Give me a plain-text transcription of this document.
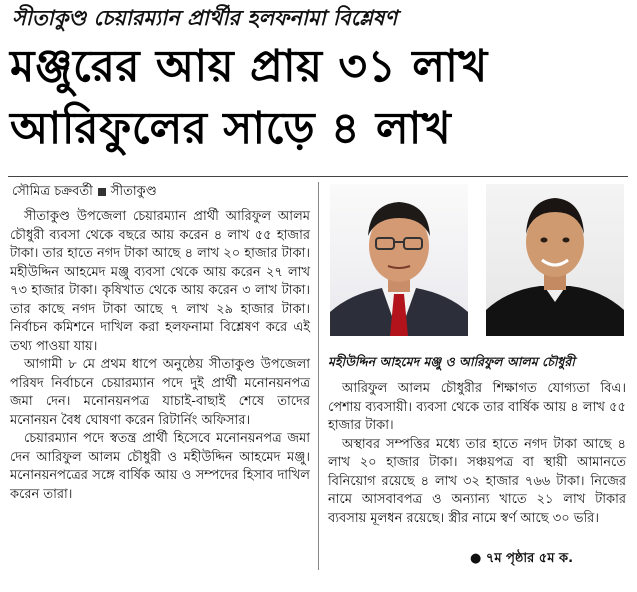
সীতাকুণ্ড চেয়ারম্যান প্রার্থীর হলফনামা বিশ্লেষণ
মঞ্জুরের আয় প্রায় ৩১ লাখ
আরিফুলের সাড়ে ৪ লাখ
সৌমিত্র চক্রবর্তী সীতাকুণ্ড

সীতাকুণ্ড উপজেলা চেয়ারম্যান প্রার্থী আরিফুল আলম চৌধুরী ব্যবসা থেকে বছরে আয় করেন ৪ লাখ ৫৫ হাজার টাকা। তার হাতে নগদ টাকা আছে ৪ লাখ ২০ হাজার টাকা। মহীউদ্দিন আহমেদ মঞ্জু ব্যবসা থেকে আয় করেন ২৭ লাখ ৭৩ হাজার টাকা। কৃষিখাত থেকে আয় করেন ৩ লাখ টাকা। তার কাছে নগদ টাকা আছে ৭ লাখ ২৯ হাজার টাকা। নির্বাচন কমিশনে দাখিল করা হলফনামা বিশ্লেষণ করে এই তথ্য পাওয়া যায়।

আগামী ৮ মে প্রথম ধাপে অনুষ্ঠেয় সীতাকুণ্ড উপজেলা পরিষদ নির্বাচনে চেয়ারম্যান পদে দুই প্রার্থী মনোনয়নপত্র জমা দেন। মনোনয়নপত্র যাচাই-বাছাই শেষে তাদের মনোনয়ন বৈধ ঘোষণা করেন রিটার্নিং অফিসার।

চেয়ারম্যান পদে স্বতন্ত্র প্রার্থী হিসেবে মনোনয়নপত্র জমা দেন আরিফুল আলম চৌধুরী ও মহীউদ্দিন আহমেদ মঞ্জু। মনোনয়নপত্রের সঙ্গে বার্ষিক আয় ও সম্পদের হিসাব দাখিল করেন তারা।

মহীউদ্দিন আহমেদ মঞ্জু ও আরিফুল আলম চৌধুরী

আরিফুল আলম চৌধুরীর শিক্ষাগত যোগ্যতা বিএ। পেশায় ব্যবসায়ী। ব্যবসা থেকে তার বার্ষিক আয় ৪ লাখ ৫৫ হাজার টাকা।

অস্থাবর সম্পত্তির মধ্যে তার হাতে নগদ টাকা আছে ৪ লাখ ২০ হাজার টাকা। সঞ্চয়পত্র বা স্থায়ী আমানতে বিনিয়োগ রয়েছে ৪ লাখ ৩২ হাজার ৭৬৬ টাকা। নিজের নামে আসবাবপত্র ও অন্যান্য খাতে ২১ লাখ টাকার ব্যবসায় মূলধন রয়েছে। স্ত্রীর নামে স্বর্ণ আছে ৩০ ভরি।

● ৭ম পৃষ্ঠার ৫ম ক.
